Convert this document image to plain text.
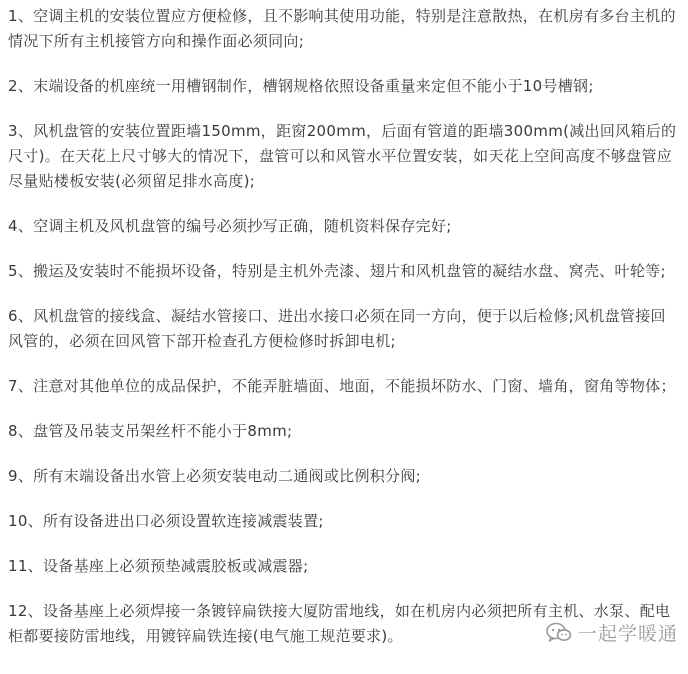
1、空调主机的安装位置应方便检修，且不影响其使用功能，特别是注意散热，在机房有多台主机的情况下所有主机接管方向和操作面必须同向;

2、末端设备的机座统一用槽钢制作，槽钢规格依照设备重量来定但不能小于10号槽钢;

3、风机盘管的安装位置距墙150mm，距窗200mm，后面有管道的距墙300mm(减出回风箱后的尺寸)。在天花上尺寸够大的情况下，盘管可以和风管水平位置安装，如天花上空间高度不够盘管应尽量贴楼板安装(必须留足排水高度);

4、空调主机及风机盘管的编号必须抄写正确，随机资料保存完好;

5、搬运及安装时不能损坏设备，特别是主机外壳漆、翅片和风机盘管的凝结水盘、窝壳、叶轮等;

6、风机盘管的接线盒、凝结水管接口、进出水接口必须在同一方向，便于以后检修;风机盘管接回风管的，必须在回风管下部开检查孔方便检修时拆卸电机;

7、注意对其他单位的成品保护，不能弄脏墙面、地面，不能损坏防水、门窗、墙角，窗角等物体；

8、盘管及吊装支吊架丝杆不能小于8mm;

9、所有末端设备出水管上必须安装电动二通阀或比例积分阀;

10、所有设备进出口必须设置软连接减震装置;

11、设备基座上必须预垫减震胶板或减震器;

12、设备基座上必须焊接一条镀锌扁铁接大厦防雷地线，如在机房内必须把所有主机、水泵、配电柜都要接防雷地线，用镀锌扁铁连接(电气施工规范要求)。	一起学暖通
